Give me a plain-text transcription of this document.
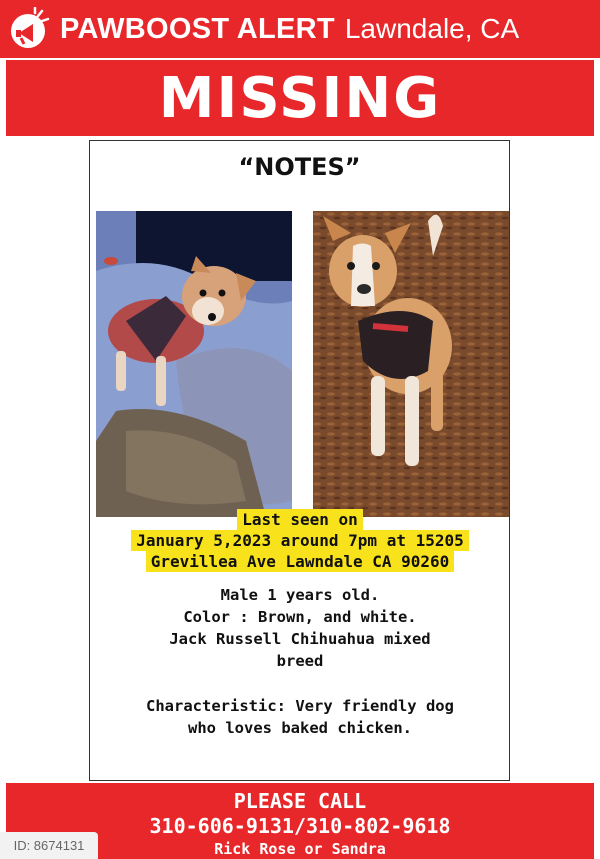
PAWBOOST ALERT Lawndale, CA
MISSING
“NOTES”
Last seen on
January 5,2023 around 7pm at 15205
Grevillea Ave Lawndale CA 90260
Male 1 years old.
Color : Brown, and white.
Jack Russell Chihuahua mixed
breed
Characteristic: Very friendly dog
who loves baked chicken.
PLEASE CALL
310-606-9131/310-802-9618
Rick Rose or Sandra
ID: 8674131
